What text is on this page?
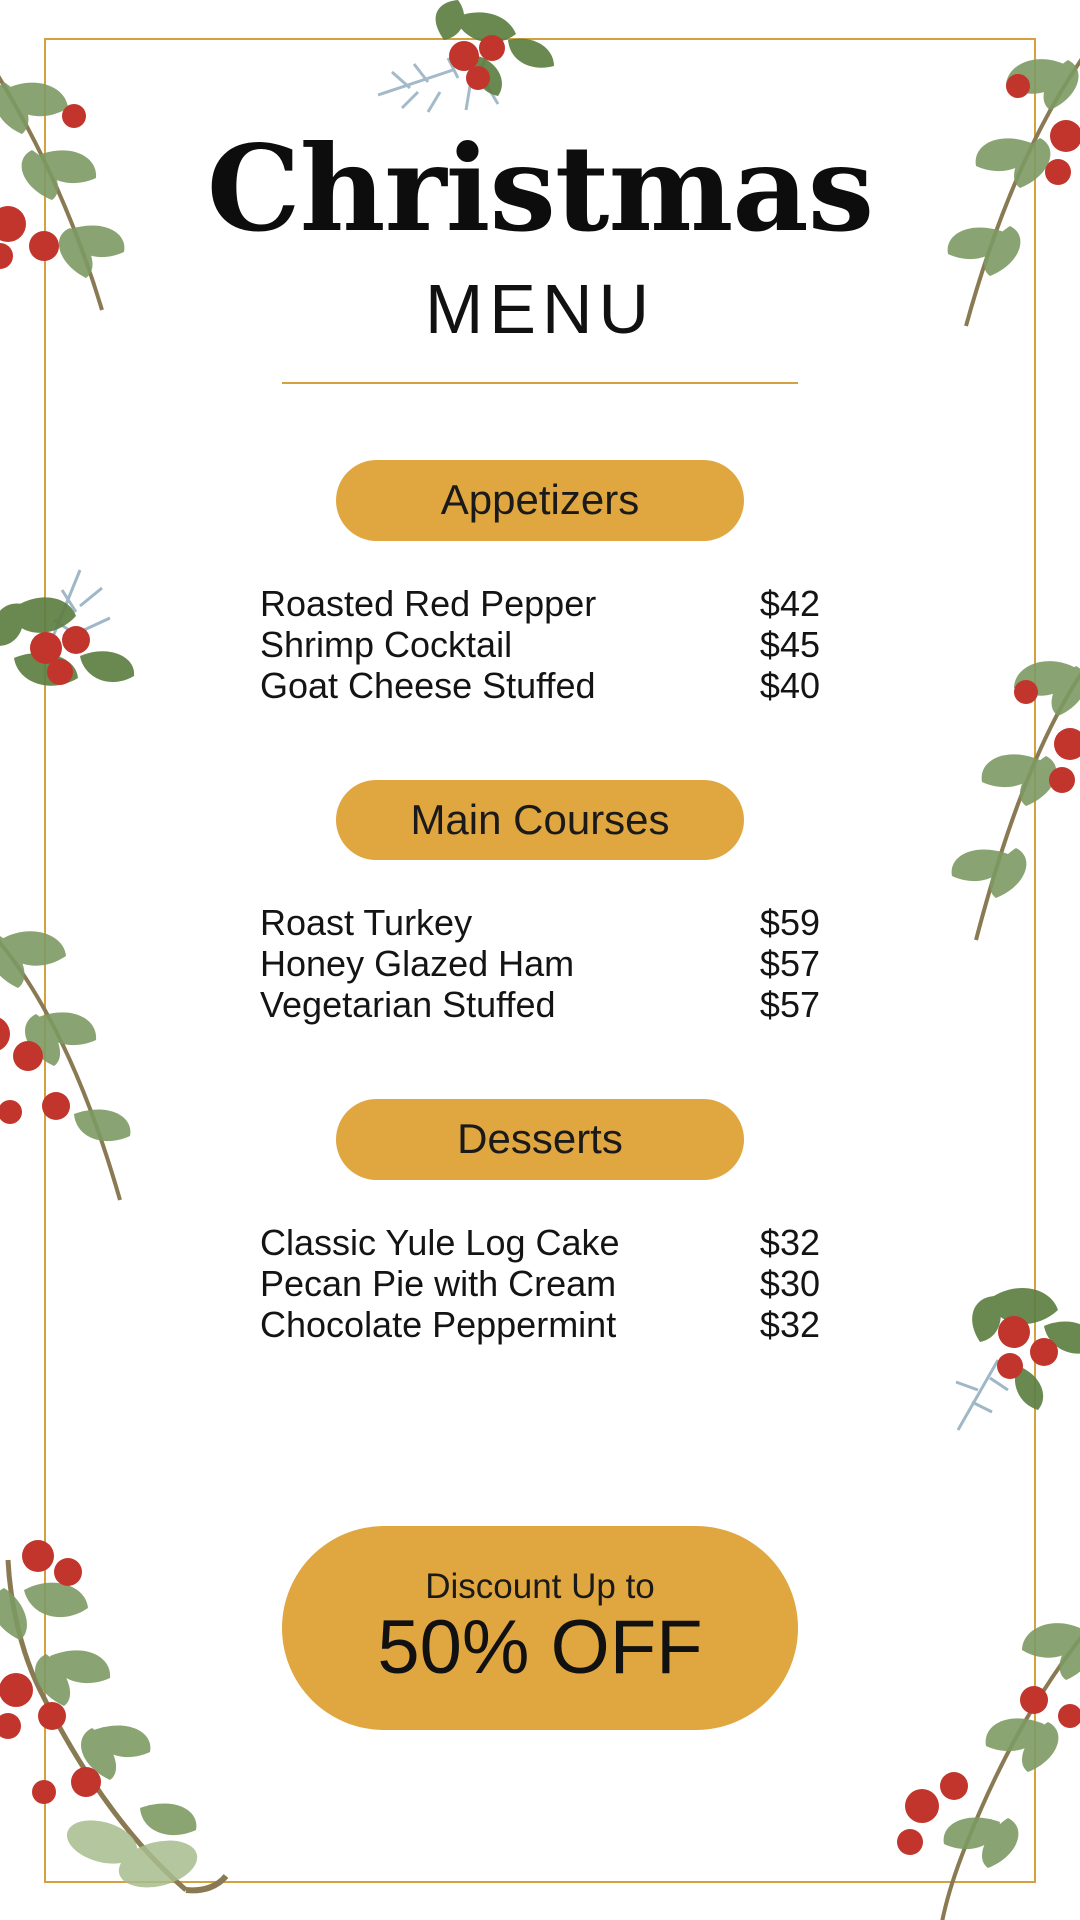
Christmas
MENU
Appetizers
Roasted Red Pepper	$42
Shrimp Cocktail	$45
Goat Cheese Stuffed	$40
Main Courses
Roast Turkey	$59
Honey Glazed Ham	$57
Vegetarian Stuffed	$57
Desserts
Classic Yule Log Cake	$32
Pecan Pie with Cream	$30
Chocolate Peppermint	$32
Discount Up to
50% OFF
